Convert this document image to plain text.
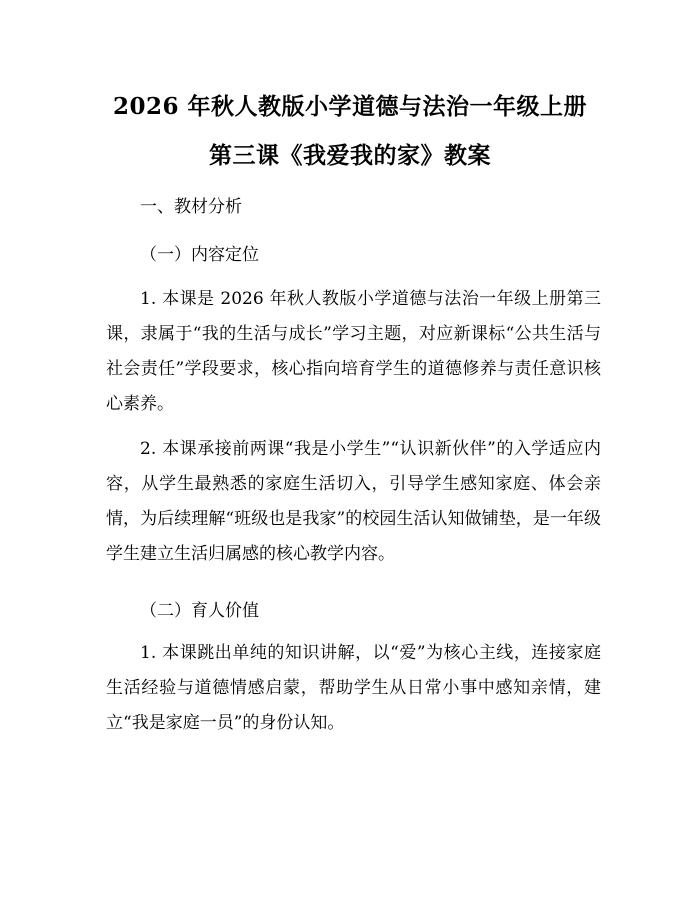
2026 年秋人教版小学道德与法治一年级上册
第三课《我爱我的家》教案
一、教材分析
（一）内容定位

1. 本课是 2026 年秋人教版小学道德与法治一年级上册第三课，隶属于“我的生活与成长”学习主题，对应新课标“公共生活与社会责任”学段要求，核心指向培育学生的道德修养与责任意识核心素养。

2. 本课承接前两课“我是小学生”“认识新伙伴”的入学适应内容，从学生最熟悉的家庭生活切入，引导学生感知家庭、体会亲情，为后续理解“班级也是我家”的校园生活认知做铺垫，是一年级学生建立生活归属感的核心教学内容。

（二）育人价值

1. 本课跳出单纯的知识讲解，以“爱”为核心主线，连接家庭生活经验与道德情感启蒙，帮助学生从日常小事中感知亲情，建立“我是家庭一员”的身份认知。
